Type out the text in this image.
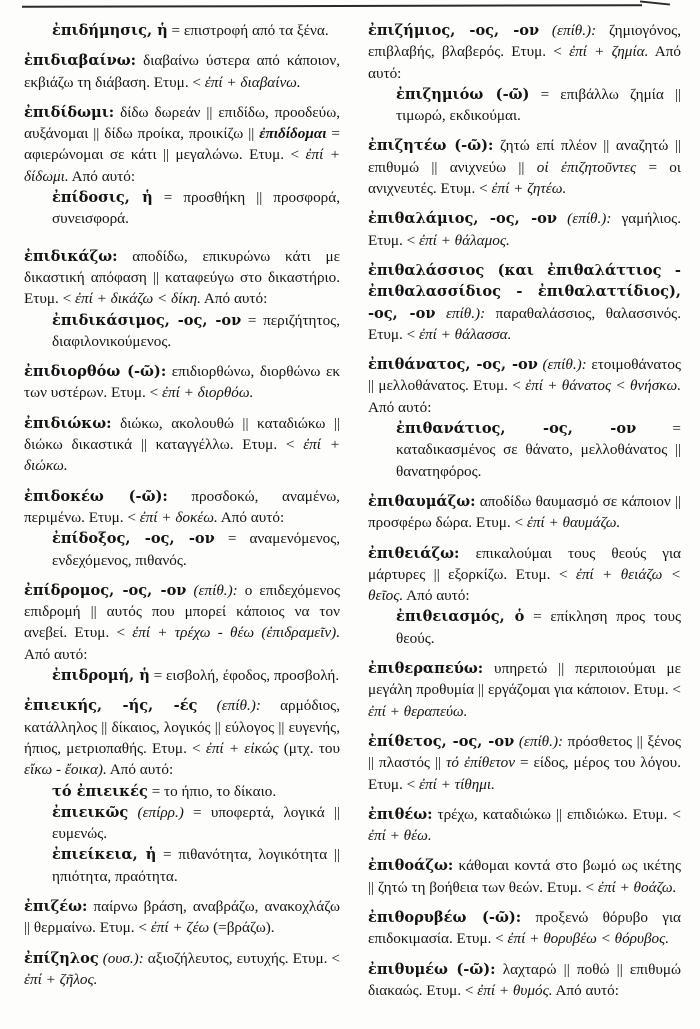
ἐπιδήμησις, ἡ = επιστροφή από τα ξένα.
ἐπιδιαβαίνω: διαβαίνω ύστερα από κάποιον, εκβιάζω τη διάβαση. Ετυμ. < ἐπί + διαβαίνω.
ἐπιδίδωμι: δίδω δωρεάν || επιδίδω, προοδεύω, αυξάνομαι || δίδω προίκα, προικίζω || ἐπιδίδομαι = αφιερώνομαι σε κάτι || μεγαλώνω. Ετυμ. < ἐπί + δίδωμι. Από αυτό:
ἐπίδοσις, ἡ = προσθήκη || προσφορά, συνεισφορά.
ἐπιδικάζω: αποδίδω, επικυρώνω κάτι με δικαστική απόφαση || καταφεύγω στο δικαστήριο. Ετυμ. < ἐπί + δικάζω < δίκη. Από αυτό:
ἐπιδικάσιμος, -ος, -ον = περιζήτητος, διαφιλονικούμενος.
ἐπιδιορθόω (-ῶ): επιδιορθώνω, διορθώνω εκ των υστέρων. Ετυμ. < ἐπί + διορθόω.
ἐπιδιώκω: διώκω, ακολουθώ || καταδιώκω || διώκω δικαστικά || καταγγέλλω. Ετυμ. < ἐπί + διώκω.
ἐπιδοκέω (-ῶ): προσδοκώ, αναμένω, περιμένω. Ετυμ. < ἐπί + δοκέω. Από αυτό:
ἐπίδοξος, -ος, -ον = αναμενόμενος, ενδεχόμενος, πιθανός.
ἐπίδρομος, -ος, -ον (επίθ.): ο επιδεχόμενος επιδρομή || αυτός που μπορεί κάποιος να τον ανεβεί. Ετυμ. < ἐπί + τρέχω - θέω (ἐπιδραμεῖν). Από αυτό:
ἐπιδρομή, ἡ = εισβολή, έφοδος, προσβολή.
ἐπιεικής, -ής, -ές (επίθ.): αρμόδιος, κατάλληλος || δίκαιος, λογικός || εύλογος || ευγενής, ήπιος, μετριοπαθής. Ετυμ. < ἐπί + εἰκώς (μτχ. του εἴκω - ἔοικα). Από αυτό:
τό ἐπιεικές = το ήπιο, το δίκαιο.
ἐπιεικῶς (επίρρ.) = υποφερτά, λογικά || ευμενώς.
ἐπιείκεια, ἡ = πιθανότητα, λογικότητα || ηπιότητα, πραότητα.
ἐπιζέω: παίρνω βράση, αναβράζω, ανακοχλάζω || θερμαίνω. Ετυμ. < ἐπί + ζέω (=βράζω).
ἐπίζηλος (ουσ.): αξιοζήλευτος, ευτυχής. Ετυμ. < ἐπί + ζῆλος.
ἐπιζήμιος, -ος, -ον (επίθ.): ζημιογόνος, επιβλαβής, βλαβερός. Ετυμ. < ἐπί + ζημία. Από αυτό:
ἐπιζημιόω (-ῶ) = επιβάλλω ζημία || τιμωρώ, εκδικούμαι.
ἐπιζητέω (-ῶ): ζητώ επί πλέον || αναζητώ || επιθυμώ || ανιχνεύω || οἱ ἐπιζητοῦντες = οι ανιχνευτές. Ετυμ. < ἐπί + ζητέω.
ἐπιθαλάμιος, -ος, -ον (επίθ.): γαμήλιος. Ετυμ. < ἐπί + θάλαμος.
ἐπιθαλάσσιος (και ἐπιθαλάττιος - ἐπιθαλασσίδιος - ἐπιθαλαττίδιος), -ος, -ον επίθ.): παραθαλάσσιος, θαλασσινός. Ετυμ. < ἐπί + θάλασσα.
ἐπιθάνατος, -ος, -ον (επίθ.): ετοιμοθάνατος || μελλοθάνατος. Ετυμ. < ἐπί + θάνατος < θνήσκω. Από αυτό:
ἐπιθανάτιος, -ος, -ον = καταδικασμένος σε θάνατο, μελλοθάνατος || θανατηφόρος.
ἐπιθαυμάζω: αποδίδω θαυμασμό σε κάποιον || προσφέρω δώρα. Ετυμ. < ἐπί + θαυμάζω.
ἐπιθειάζω: επικαλούμαι τους θεούς για μάρτυρες || εξορκίζω. Ετυμ. < ἐπί + θειάζω < θεῖος. Από αυτό:
ἐπιθειασμός, ὁ = επίκληση προς τους θεούς.
ἐπιθεραπεύω: υπηρετώ || περιποιούμαι με μεγάλη προθυμία || εργάζομαι για κάποιον. Ετυμ. < ἐπί + θεραπεύω.
ἐπίθετος, -ος, -ον (επίθ.): πρόσθετος || ξένος || πλαστός || τό ἐπίθετον = είδος, μέρος του λόγου. Ετυμ. < ἐπί + τίθημι.
ἐπιθέω: τρέχω, καταδιώκω || επιδιώκω. Ετυμ. < ἐπί + θέω.
ἐπιθοάζω: κάθομαι κοντά στο βωμό ως ικέτης || ζητώ τη βοήθεια των θεών. Ετυμ. < ἐπί + θοάζω.
ἐπιθορυβέω (-ῶ): προξενώ θόρυβο για επιδοκιμασία. Ετυμ. < ἐπί + θορυβέω < θόρυβος.
ἐπιθυμέω (-ῶ): λαχταρώ || ποθώ || επιθυμώ διακαώς. Ετυμ. < ἐπί + θυμός. Από αυτό:
